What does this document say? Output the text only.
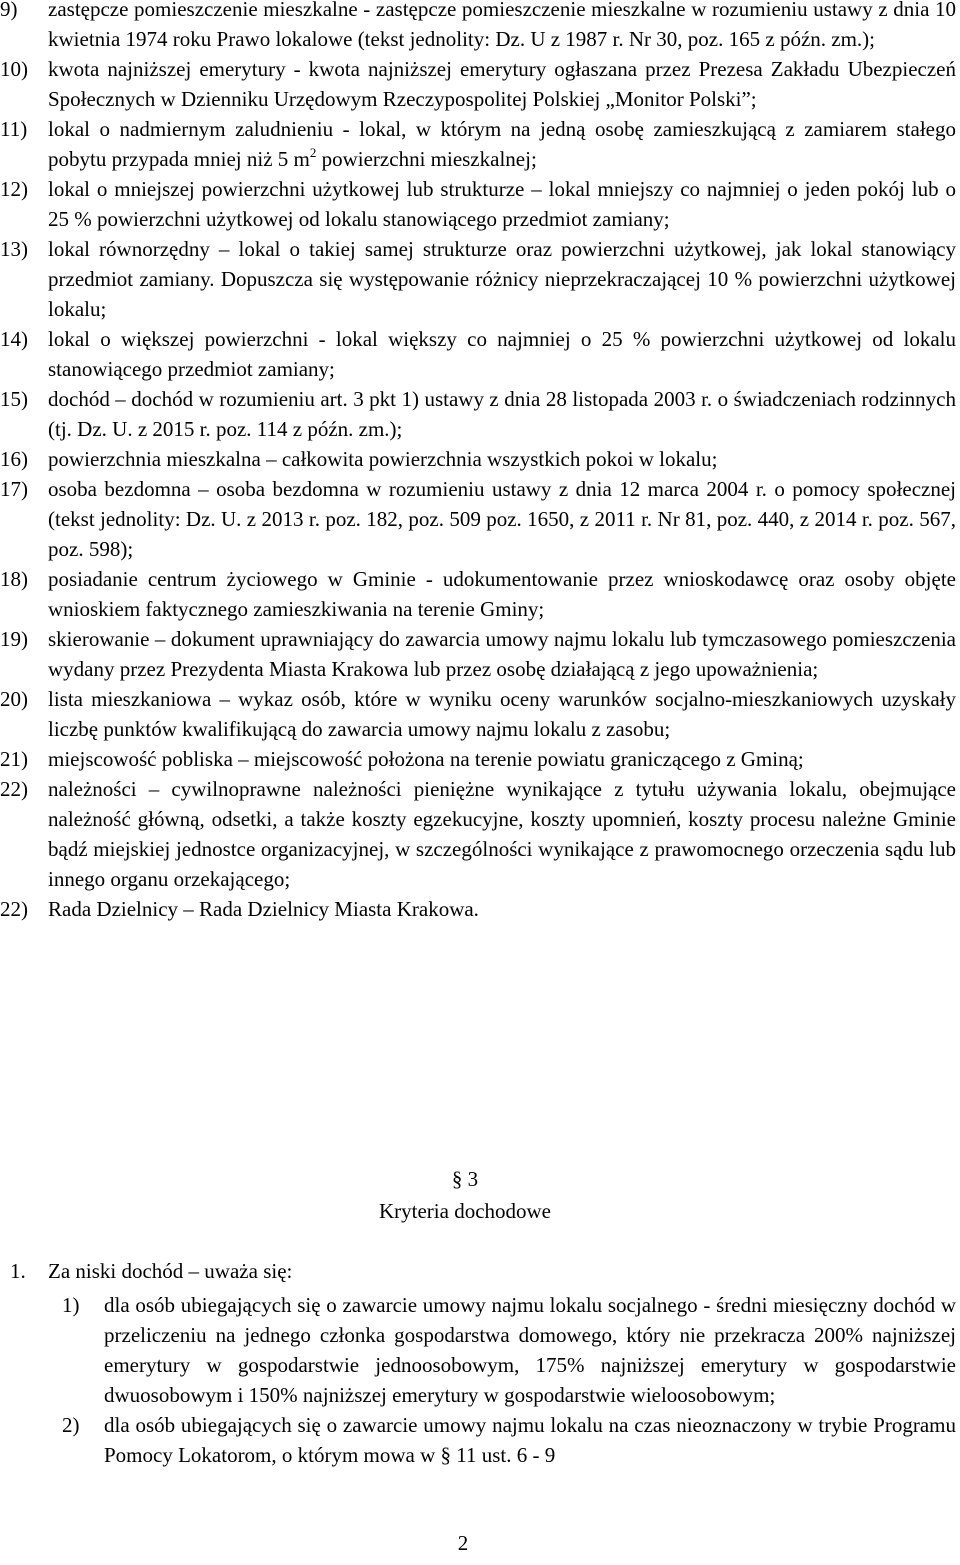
9) zastępcze pomieszczenie mieszkalne - zastępcze pomieszczenie mieszkalne w rozumieniu ustawy z dnia 10 kwietnia 1974 roku Prawo lokalowe (tekst jednolity: Dz. U z 1987 r. Nr 30, poz. 165 z późn. zm.);
10) kwota najniższej emerytury - kwota najniższej emerytury ogłaszana przez Prezesa Zakładu Ubezpieczeń Społecznych w Dzienniku Urzędowym Rzeczypospolitej Polskiej „Monitor Polski”;
11) lokal o nadmiernym zaludnieniu - lokal, w którym na jedną osobę zamieszkującą z zamiarem stałego pobytu przypada mniej niż 5 $m^2$ powierzchni mieszkalnej;
12) lokal o mniejszej powierzchni użytkowej lub strukturze – lokal mniejszy co najmniej o jeden pokój lub o 25 % powierzchni użytkowej od lokalu stanowiącego przedmiot zamiany;
13) lokal równorzędny – lokal o takiej samej strukturze oraz powierzchni użytkowej, jak lokal stanowiący przedmiot zamiany. Dopuszcza się występowanie różnicy nieprzekraczającej 10 % powierzchni użytkowej lokalu;
14) lokal o większej powierzchni - lokal większy co najmniej o 25 % powierzchni użytkowej od lokalu stanowiącego przedmiot zamiany;
15) dochód – dochód w rozumieniu art. 3 pkt 1) ustawy z dnia 28 listopada 2003 r. o świadczeniach rodzinnych (tj. Dz. U. z 2015 r. poz. 114 z późn. zm.);
16) powierzchnia mieszkalna – całkowita powierzchnia wszystkich pokoi w lokalu;
17) osoba bezdomna – osoba bezdomna w rozumieniu ustawy z dnia 12 marca 2004 r. o pomocy społecznej (tekst jednolity: Dz. U. z 2013 r. poz. 182, poz. 509 poz. 1650, z 2011 r. Nr 81, poz. 440, z 2014 r. poz. 567, poz. 598);
18) posiadanie centrum życiowego w Gminie - udokumentowanie przez wnioskodawcę oraz osoby objęte wnioskiem faktycznego zamieszkiwania na terenie Gminy;
19) skierowanie – dokument uprawniający do zawarcia umowy najmu lokalu lub tymczasowego pomieszczenia wydany przez Prezydenta Miasta Krakowa lub przez osobę działającą z jego upoważnienia;
20) lista mieszkaniowa – wykaz osób, które w wyniku oceny warunków socjalno-mieszkaniowych uzyskały liczbę punktów kwalifikującą do zawarcia umowy najmu lokalu z zasobu;
21) miejscowość pobliska – miejscowość położona na terenie powiatu graniczącego z Gminą;
22) należności – cywilnoprawne należności pieniężne wynikające z tytułu używania lokalu, obejmujące należność główną, odsetki, a także koszty egzekucyjne, koszty upomnień, koszty procesu należne Gminie bądź miejskiej jednostce organizacyjnej, w szczególności wynikające z prawomocnego orzeczenia sądu lub innego organu orzekającego;
22) Rada Dzielnicy – Rada Dzielnicy Miasta Krakowa.
§ 3
Kryteria dochodowe
1. Za niski dochód – uważa się:
1) dla osób ubiegających się o zawarcie umowy najmu lokalu socjalnego - średni miesięczny dochód w przeliczeniu na jednego członka gospodarstwa domowego, który nie przekracza 200% najniższej emerytury w gospodarstwie jednoosobowym, 175% najniższej emerytury w gospodarstwie dwuosobowym i 150% najniższej emerytury w gospodarstwie wieloosobowym;
2) dla osób ubiegających się o zawarcie umowy najmu lokalu na czas nieoznaczony w trybie Programu Pomocy Lokatorom, o którym mowa w § 11 ust. 6 - 9
2
